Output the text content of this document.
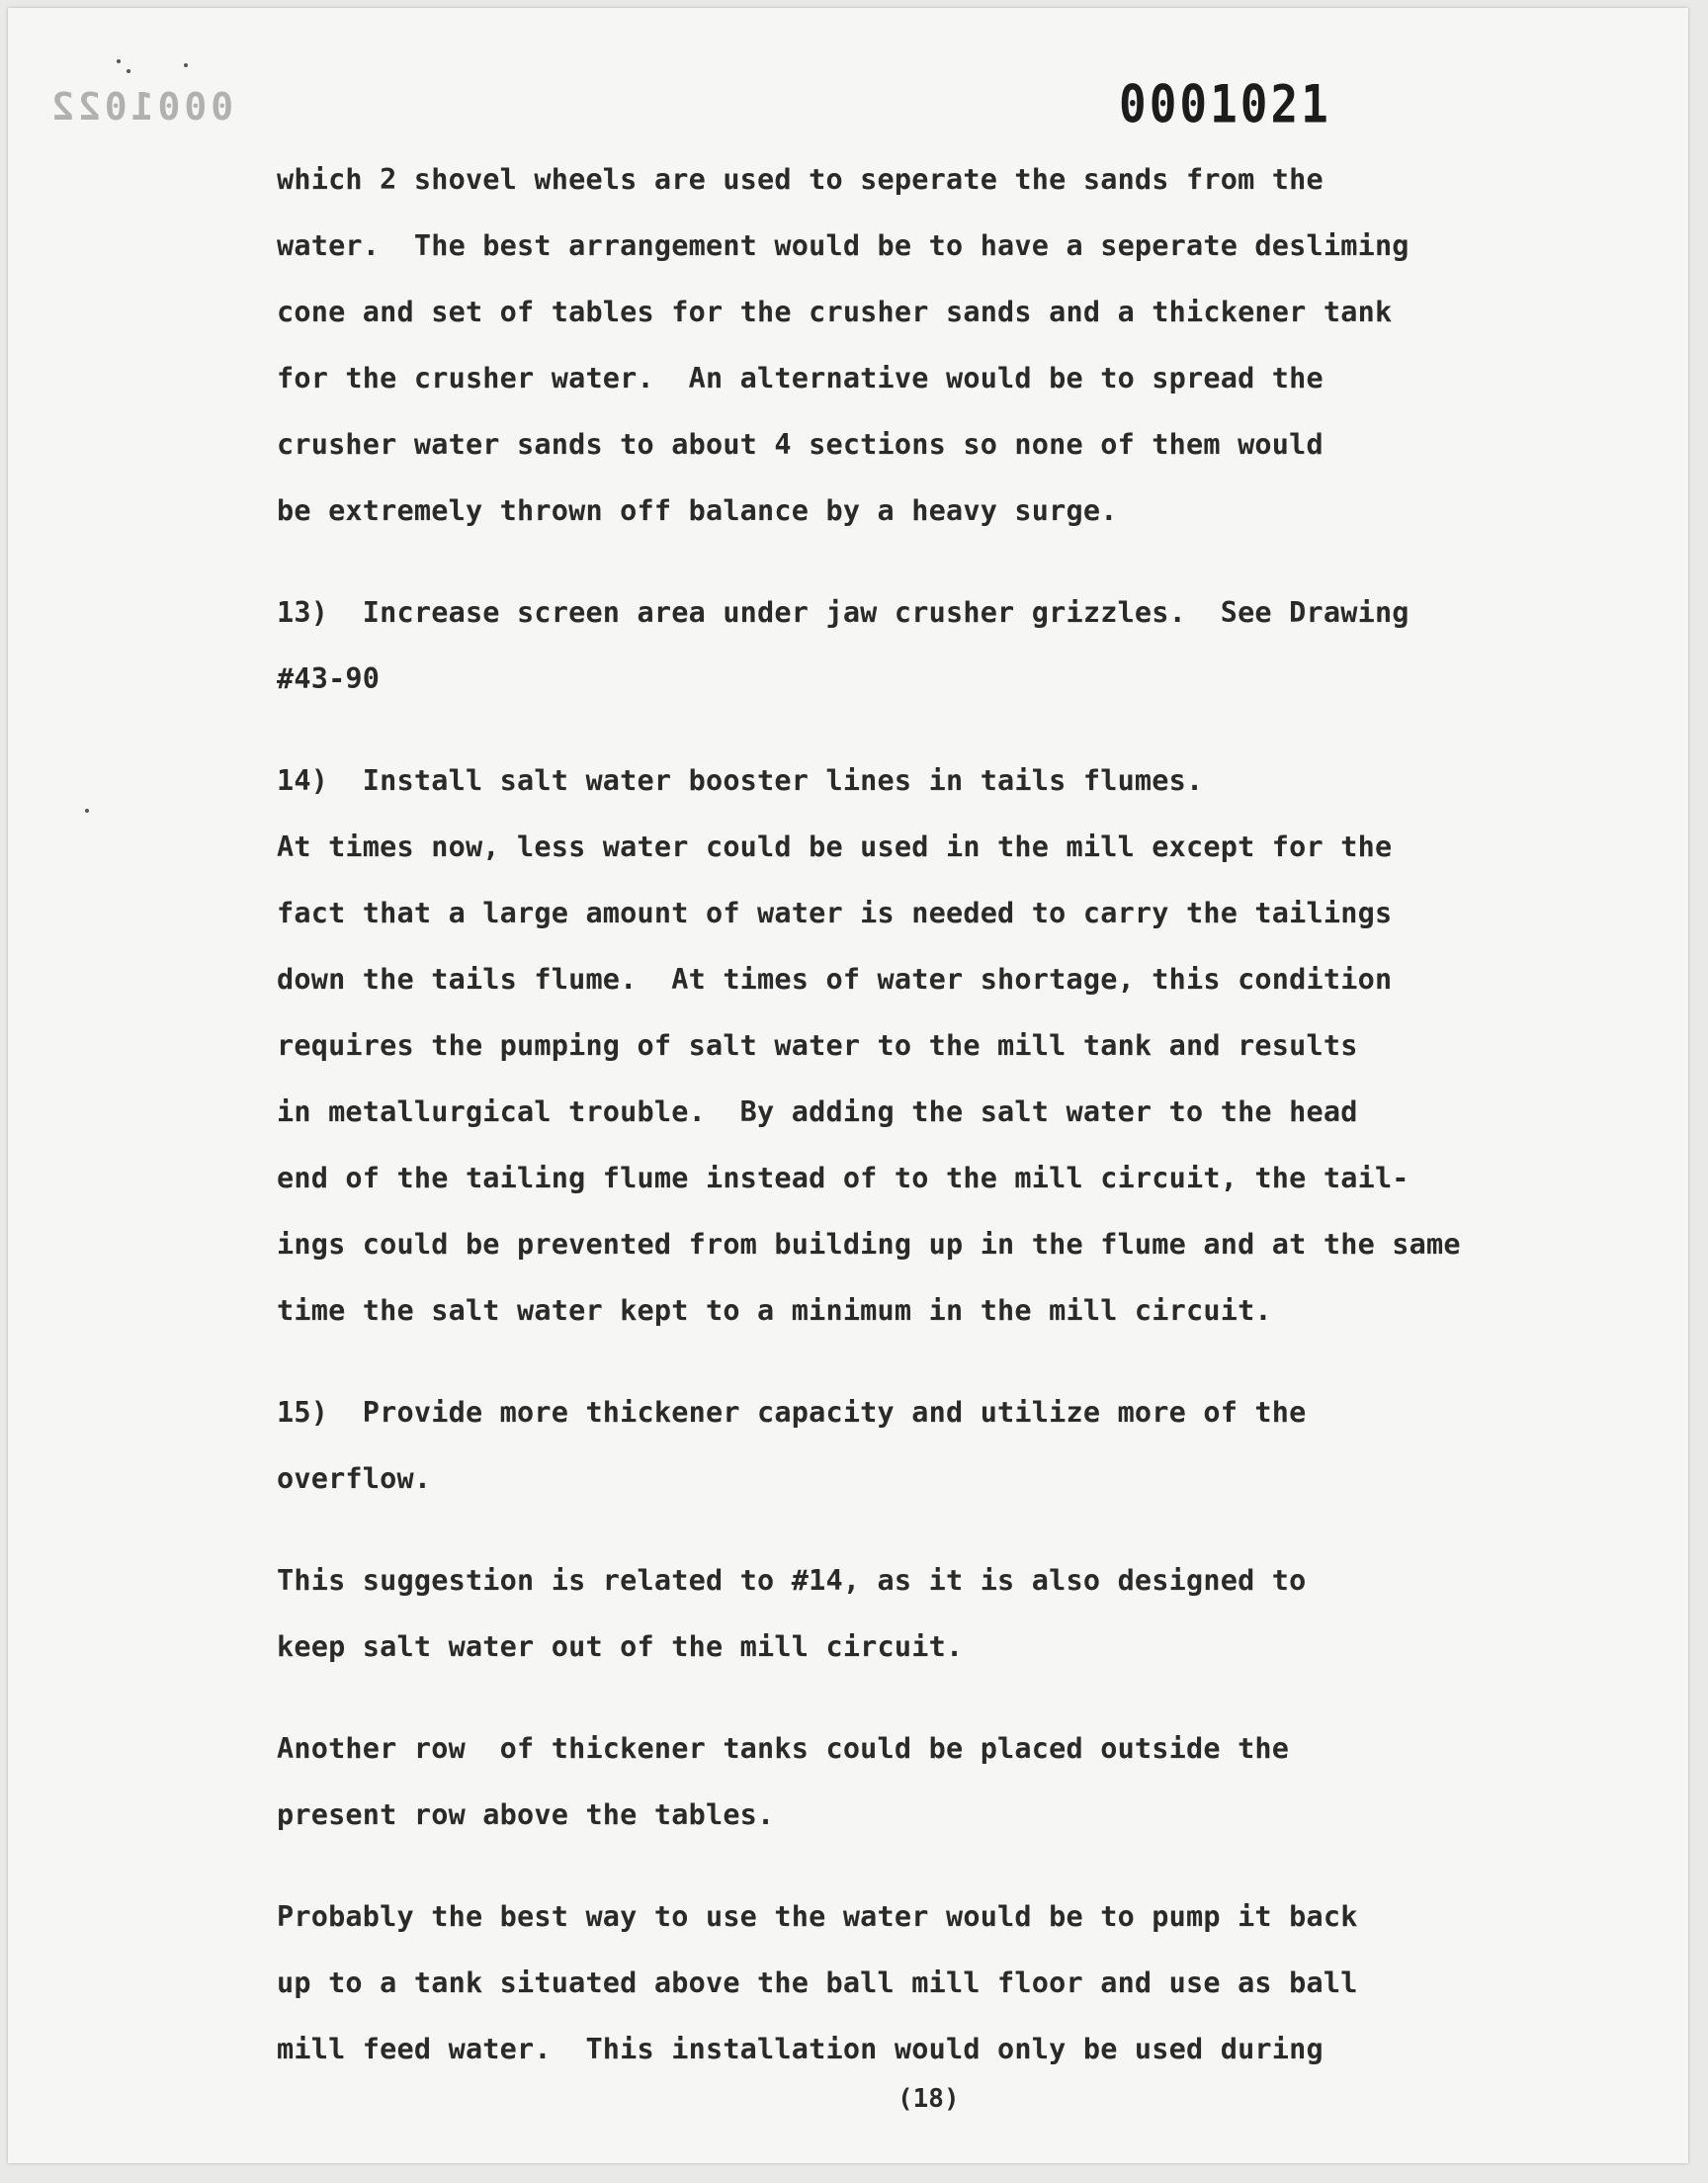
0001022	0001021
which 2 shovel wheels are used to seperate the sands from the
water.  The best arrangement would be to have a seperate desliming
cone and set of tables for the crusher sands and a thickener tank
for the crusher water.  An alternative would be to spread the
crusher water sands to about 4 sections so none of them would
be extremely thrown off balance by a heavy surge.
13)  Increase screen area under jaw crusher grizzles.  See Drawing
#43-90
14)  Install salt water booster lines in tails flumes.
At times now, less water could be used in the mill except for the
fact that a large amount of water is needed to carry the tailings
down the tails flume.  At times of water shortage, this condition
requires the pumping of salt water to the mill tank and results
in metallurgical trouble.  By adding the salt water to the head
end of the tailing flume instead of to the mill circuit, the tail-
ings could be prevented from building up in the flume and at the same
time the salt water kept to a minimum in the mill circuit.
15)  Provide more thickener capacity and utilize more of the
overflow.
This suggestion is related to #14, as it is also designed to
keep salt water out of the mill circuit.
Another row  of thickener tanks could be placed outside the
present row above the tables.
Probably the best way to use the water would be to pump it back
up to a tank situated above the ball mill floor and use as ball
mill feed water.  This installation would only be used during
(18)
